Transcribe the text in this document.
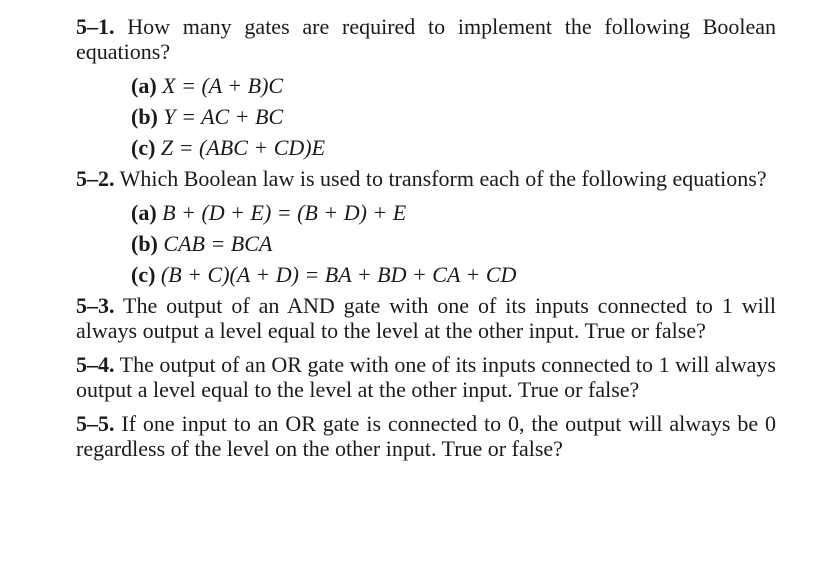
5–1. How many gates are required to implement the following Boolean equations?
(a) X = (A + B)C
(b) Y = AC + BC
(c) Z = (ABC + CD)E
5–2. Which Boolean law is used to transform each of the following equations?
(a) B + (D + E) = (B + D) + E
(b) CAB = BCA
(c) (B + C)(A + D) = BA + BD + CA + CD
5–3. The output of an AND gate with one of its inputs connected to 1 will always output a level equal to the level at the other input. True or false?
5–4. The output of an OR gate with one of its inputs connected to 1 will always output a level equal to the level at the other input. True or false?
5–5. If one input to an OR gate is connected to 0, the output will always be 0 regardless of the level on the other input. True or false?
